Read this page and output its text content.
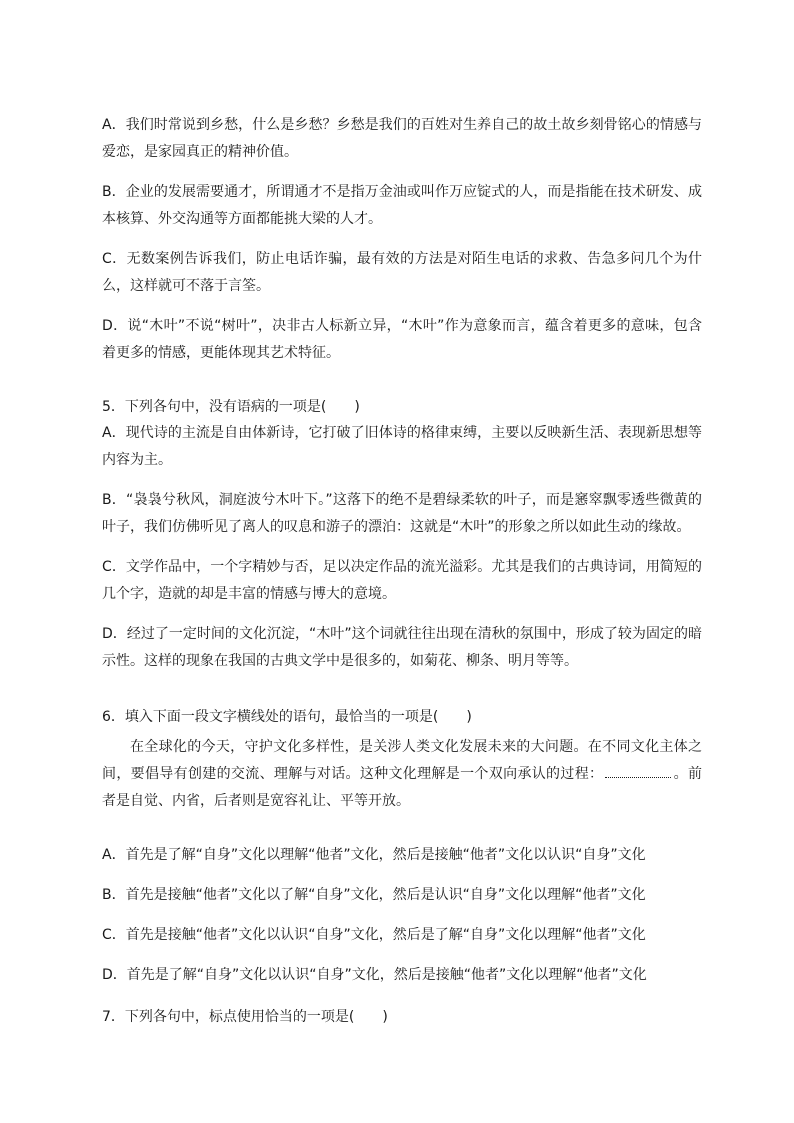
A．我们时常说到乡愁，什么是乡愁？乡愁是我们的百姓对生养自己的故土故乡刻骨铭心的情感与爱恋，是家园真正的精神价值。

B．企业的发展需要通才，所谓通才不是指万金油或叫作万应锭式的人，而是指能在技术研发、成本核算、外交沟通等方面都能挑大梁的人才。

C．无数案例告诉我们，防止电话诈骗，最有效的方法是对陌生电话的求救、告急多问几个为什么，这样就可不落于言筌。

D．说“木叶”不说“树叶”，决非古人标新立异，“木叶”作为意象而言，蕴含着更多的意味，包含着更多的情感，更能体现其艺术特征。

5．下列各句中，没有语病的一项是(　　)

A．现代诗的主流是自由体新诗，它打破了旧体诗的格律束缚，主要以反映新生活、表现新思想等内容为主。

B．“袅袅兮秋风，洞庭波兮木叶下。”这落下的绝不是碧绿柔软的叶子，而是窸窣飘零透些微黄的叶子，我们仿佛听见了离人的叹息和游子的漂泊：这就是“木叶”的形象之所以如此生动的缘故。

C．文学作品中，一个字精妙与否，足以决定作品的流光溢彩。尤其是我们的古典诗词，用简短的几个字，造就的却是丰富的情感与博大的意境。

D．经过了一定时间的文化沉淀，“木叶”这个词就往往出现在清秋的氛围中，形成了较为固定的暗示性。这样的现象在我国的古典文学中是很多的，如菊花、柳条、明月等等。

6．填入下面一段文字横线处的语句，最恰当的一项是(　　)

在全球化的今天，守护文化多样性，是关涉人类文化发展未来的大问题。在不同文化主体之间，要倡导有创建的交流、理解与对话。这种文化理解是一个双向承认的过程：	。前者是自觉、内省，后者则是宽容礼让、平等开放。

A．首先是了解“自身”文化以理解“他者”文化，然后是接触“他者”文化以认识“自身”文化

B．首先是接触“他者”文化以了解“自身”文化，然后是认识“自身”文化以理解“他者”文化

C．首先是接触“他者”文化以认识“自身”文化，然后是了解“自身”文化以理解“他者”文化

D．首先是了解“自身”文化以认识“自身”文化，然后是接触“他者”文化以理解“他者”文化

7．下列各句中，标点使用恰当的一项是(　　)
